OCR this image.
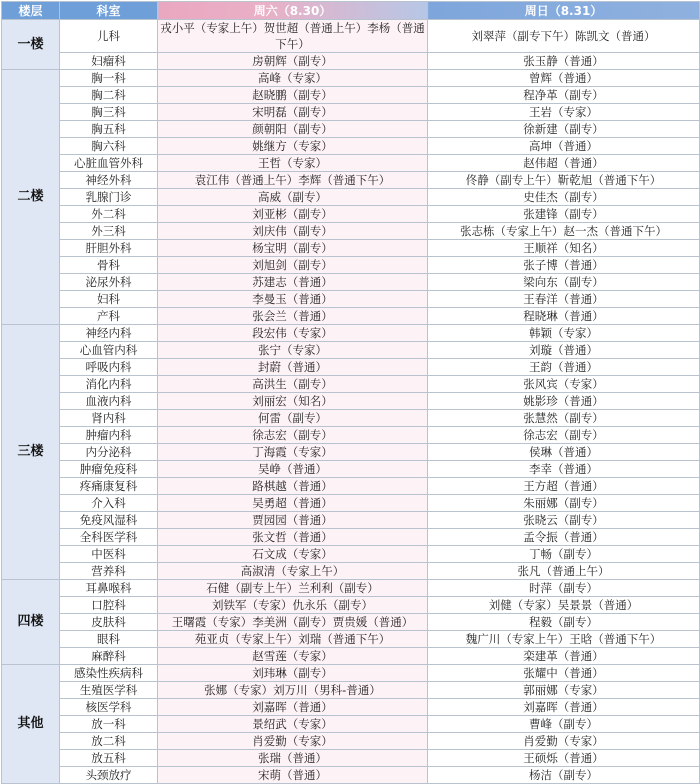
楼层	科室	周六（8.30）	周日（8.31）
一楼	儿科	戎小平（专家上午）贺世超（普通上午）李杨（普通下午）	刘翠萍（副专下午）陈凯文（普通）
	妇瘤科	房朝辉（副专）	张玉静（普通）
二楼	胸一科	高峰（专家）	曾辉（普通）
	胸二科	赵晓鹏（副专）	程净革（副专）
	胸三科	宋明磊（副专）	王岩（专家）
	胸五科	颜朝阳（副专）	徐新建（副专）
	胸六科	姚继方（专家）	高坤（普通）
	心脏血管外科	王哲（专家）	赵伟超（普通）
	神经外科	袁江伟（普通上午）李辉（普通下午）	佟静（副专上午）靳乾旭（普通下午）
	乳腺门诊	高威（副专）	史佳杰（副专）
	外二科	刘亚彬（副专）	张建锋（副专）
	外三科	刘庆伟（副专）	张志栋（专家上午）赵一杰（普通下午）
	肝胆外科	杨宝明（副专）	王顺祥（知名）
	骨科	刘旭剑（副专）	张子博（普通）
	泌尿外科	苏建志（普通）	梁向东（副专）
	妇科	李曼玉（普通）	王春洋（普通）
	产科	张会兰（普通）	程晓琳（普通）
三楼	神经内科	段宏伟（专家）	韩颖（专家）
	心血管内科	张宁（专家）	刘璇（普通）
	呼吸内科	封蔚（普通）	王韵（普通）
	消化内科	高洪生（副专）	张风宾（专家）
	血液内科	刘丽宏（知名）	姚影珍（普通）
	肾内科	何雷（副专）	张慧然（副专）
	肿瘤内科	徐志宏（副专）	徐志宏（副专）
	内分泌科	丁海霞（专家）	侯琳（普通）
	肿瘤免疫科	吴峥（普通）	李幸（普通）
	疼痛康复科	路棋越（普通）	王方超（普通）
	介入科	吴勇超（普通）	朱丽娜（副专）
	免疫风湿科	贾园园（普通）	张晓云（副专）
	全科医学科	张文哲（普通）	孟令振（普通）
	中医科	石文成（专家）	丁畅（副专）
	营养科	高淑清（专家上午）	张凡（普通上午）
四楼	耳鼻喉科	石健（副专上午）兰利利（副专）	时萍（副专）
	口腔科	刘铁军（专家）仇永乐（副专）	刘健（专家）吴景景（普通）
	皮肤科	王曙霞（专家）李美洲（副专）贾贵媛（普通）	程毅（副专）
	眼科	苑亚贞（专家上午）刘瑞（普通下午）	魏广川（专家上午）王晗（普通下午）
	麻醉科	赵雪莲（专家）	栾建革（普通）
其他	感染性疾病科	刘玮琳（副专）	张耀中（普通）
	生殖医学科	张娜（专家）刘万川（男科-普通）	郭丽娜（专家）
	核医学科	刘嘉晖（普通）	刘嘉晖（普通）
	放一科	景绍武（专家）	曹峰（副专）
	放二科	肖爱勤（专家）	肖爱勤（专家）
	放五科	张瑞（普通）	王硕烁（普通）
	头颈放疗	宋萌（普通）	杨洁（副专）
